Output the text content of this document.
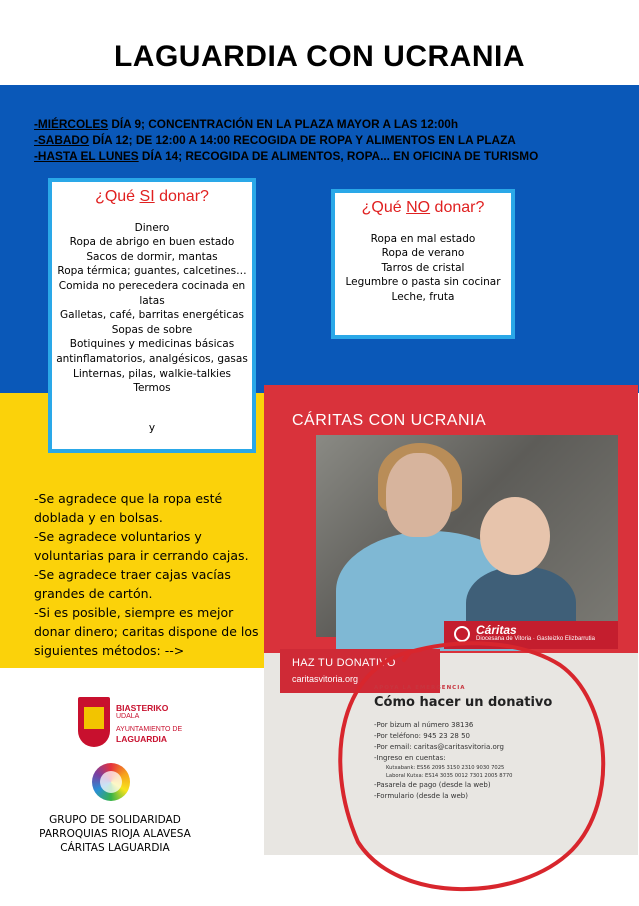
LAGUARDIA CON UCRANIA
-MIÉRCOLES DÍA 9; CONCENTRACIÓN EN LA PLAZA MAYOR A LAS 12:00h
-SABADO DÍA 12; DE 12:00 A 14:00 RECOGIDA DE ROPA Y ALIMENTOS EN LA PLAZA
-HASTA EL LUNES DÍA 14; RECOGIDA DE ALIMENTOS, ROPA... EN OFICINA DE TURISMO
¿Qué SI donar?
Dinero
Ropa de abrigo en buen estado
Sacos de dormir, mantas
Ropa térmica; guantes, calcetines…
Comida no perecedera cocinada en latas
Galletas, café, barritas energéticas
Sopas de sobre
Botiquines y medicinas básicas antinflamatorios, analgésicos, gasas
Linternas, pilas, walkie-talkies
Termos
y
¿Qué NO donar?
Ropa en mal estado
Ropa de verano
Tarros de cristal
Legumbre o pasta sin cocinar
Leche, fruta
-Se agradece que la ropa esté doblada y en bolsas.
-Se agradece voluntarios y voluntarias para ir cerrando cajas.
-Se agradece traer cajas vacías grandes de cartón.
-Si es posible, siempre es mejor donar dinero; caritas dispone de los siguientes métodos: -->
BIASTERIKO
UDALA
AYUNTAMIENTO DE
LAGUARDIA
GRUPO DE SOLIDARIDAD
PARROQUIAS RIOJA ALAVESA
CÁRITAS LAGUARDIA
CÁRITAS CON UCRANIA
Cáritas
Diocesana de Vitoria · Gasteizko Elizbarrutia
HAZ TU DONATIVO
caritasvitoria.org
APOYA LA EMERGENCIA
Cómo hacer un donativo
-Por bizum al número 38136
-Por teléfono: 945 23 28 50
-Por email: caritas@caritasvitoria.org
-Ingreso en cuentas:
Kutxabank: ES56 2095 3150 2310 9030 7025
Laboral Kutxa: ES14 3035 0012 7301 2005 8770
-Pasarela de pago (desde la web)
-Formulario (desde la web)
